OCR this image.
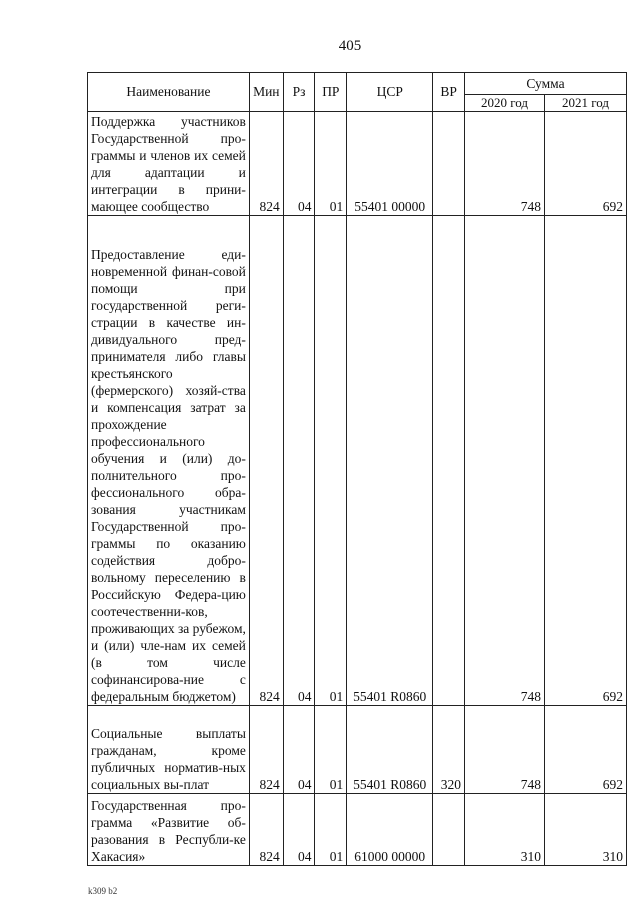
405
Наименование	Мин	Рз	ПР	ЦСР	ВР	Сумма	
						2020 год	2021 год
Поддержка участников Государственной про-граммы и членов их семей для адаптации и интеграции в прини-мающее сообщество	824	04	01	55401 00000		748	692
Предоставление еди-новременной финан-совой помощи при государственной реги-страции в качестве ин-дивидуального пред-принимателя либо главы крестьянского (фермерского) хозяй-ства и компенсация затрат за прохождение профессионального обучения и (или) до-полнительного про-фессионального обра-зования участникам Государственной про-граммы по оказанию содействия добро-вольному переселению в Российскую Федера-цию соотечественни-ков, проживающих за рубежом, и (или) чле-нам их семей (в том числе софинансирова-ние с федеральным бюджетом)	824	04	01	55401 R0860		748	692
Социальные выплаты гражданам, кроме публичных норматив-ных социальных вы-плат	824	04	01	55401 R0860	320	748	692
Государственная про-грамма «Развитие об-разования в Республи-ке Хакасия»	824	04	01	61000 00000		310	310
k309 b2
